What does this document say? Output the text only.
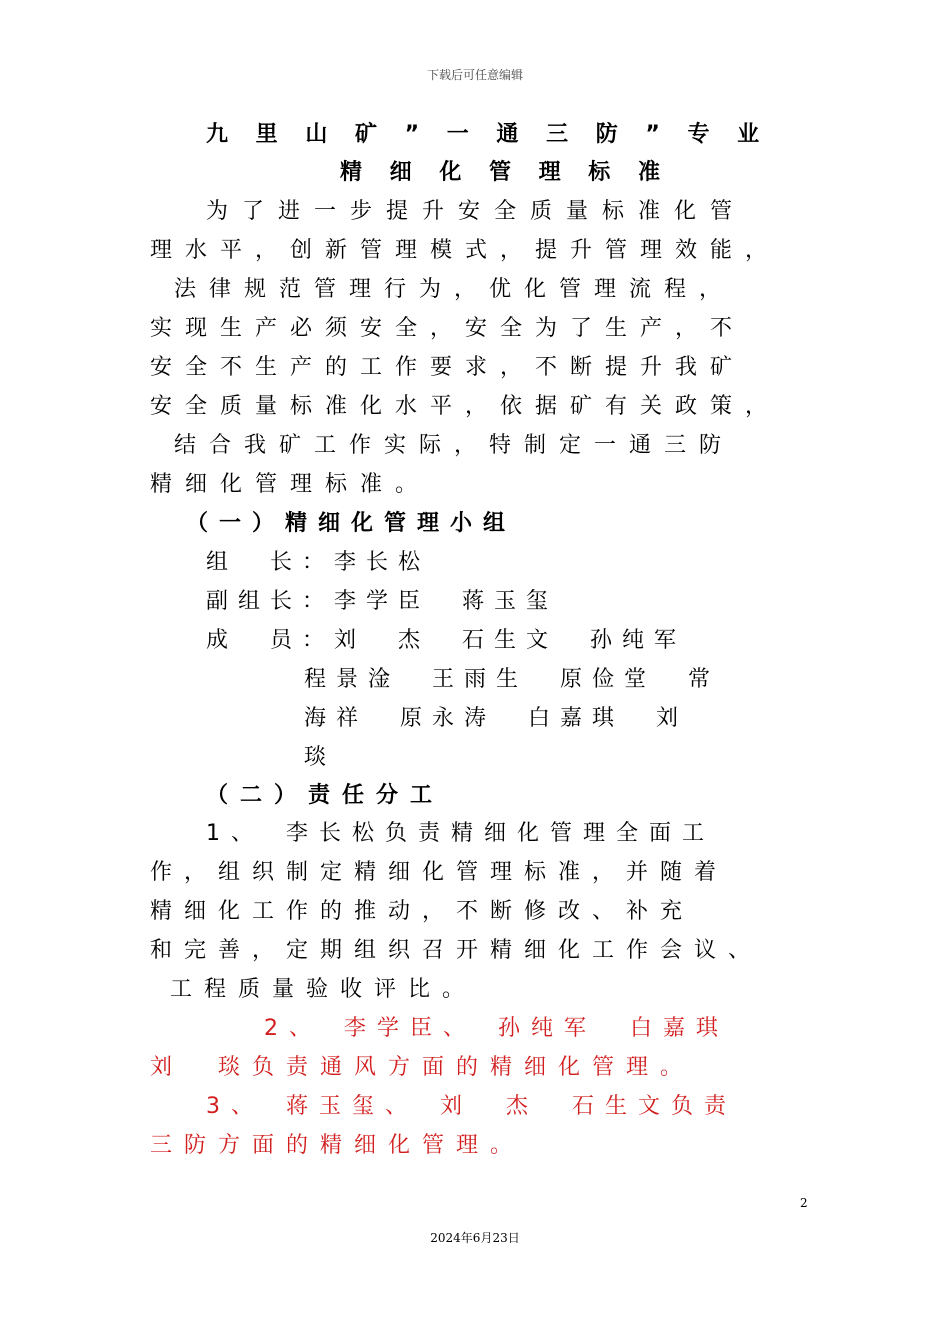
下载后可任意编辑
九 里 山 矿 ” 一 通 三 防 ” 专 业
精 细 化 管 理 标 准
为了进一步提升安全质量标准化管
理水平，创新管理模式，提升管理效能，
法律规范管理行为，优化管理流程，
实现生产必须安全，安全为了生产，不
安全不生产的工作要求，不断提升我矿
安全质量标准化水平，依据矿有关政策，
结合我矿工作实际，特制定一通三防
精细化管理标准。
（一）精细化管理小组
组　长：李长松
副组长：李学臣　蒋玉玺
成　员：刘　杰　石生文　孙纯军
程景淦　王雨生　原俭堂　常
海祥　原永涛　白嘉琪　刘
琰
（二）责任分工
1、　李长松负责精细化管理全面工
作，组织制定精细化管理标准，并随着
精细化工作的推动，不断修改、补充
和完善，定期组织召开精细化工作会议、
工程质量验收评比。
2、　李学臣、　孙纯军　白嘉琪
刘　琰负责通风方面的精细化管理。
3、　蒋玉玺、　刘　杰　石生文负责
三防方面的精细化管理。
2
2024年6月23日
